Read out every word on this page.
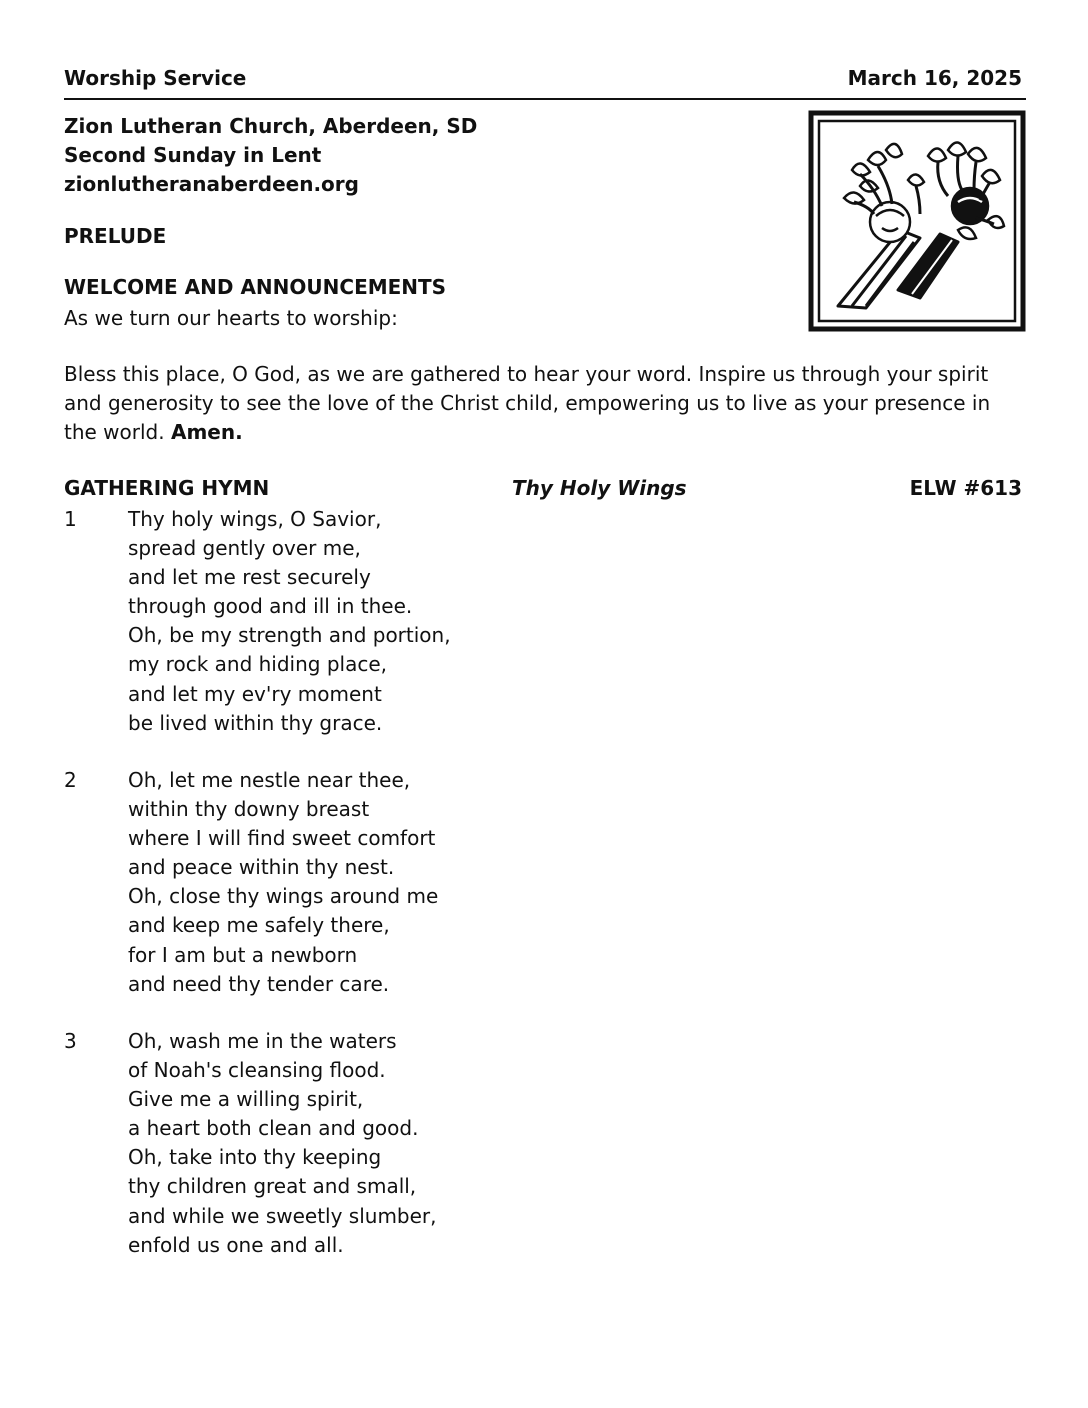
Worship Service	March 16, 2025
Zion Lutheran Church, Aberdeen, SD
Second Sunday in Lent
zionlutheranaberdeen.org
PRELUDE
WELCOME AND ANNOUNCEMENTS
As we turn our hearts to worship:
Bless this place, O God, as we are gathered to hear your word. Inspire us through your spirit and generosity to see the love of the Christ child, empowering us to live as your presence in the world. Amen.
GATHERING HYMN	Thy Holy Wings	ELW #613
1	Thy holy wings, O Savior,
spread gently over me,
and let me rest securely
through good and ill in thee.
Oh, be my strength and portion,
my rock and hiding place,
and let my ev'ry moment
be lived within thy grace.
2	Oh, let me nestle near thee,
within thy downy breast
where I will find sweet comfort
and peace within thy nest.
Oh, close thy wings around me
and keep me safely there,
for I am but a newborn
and need thy tender care.
3	Oh, wash me in the waters
of Noah's cleansing flood.
Give me a willing spirit,
a heart both clean and good.
Oh, take into thy keeping
thy children great and small,
and while we sweetly slumber,
enfold us one and all.
